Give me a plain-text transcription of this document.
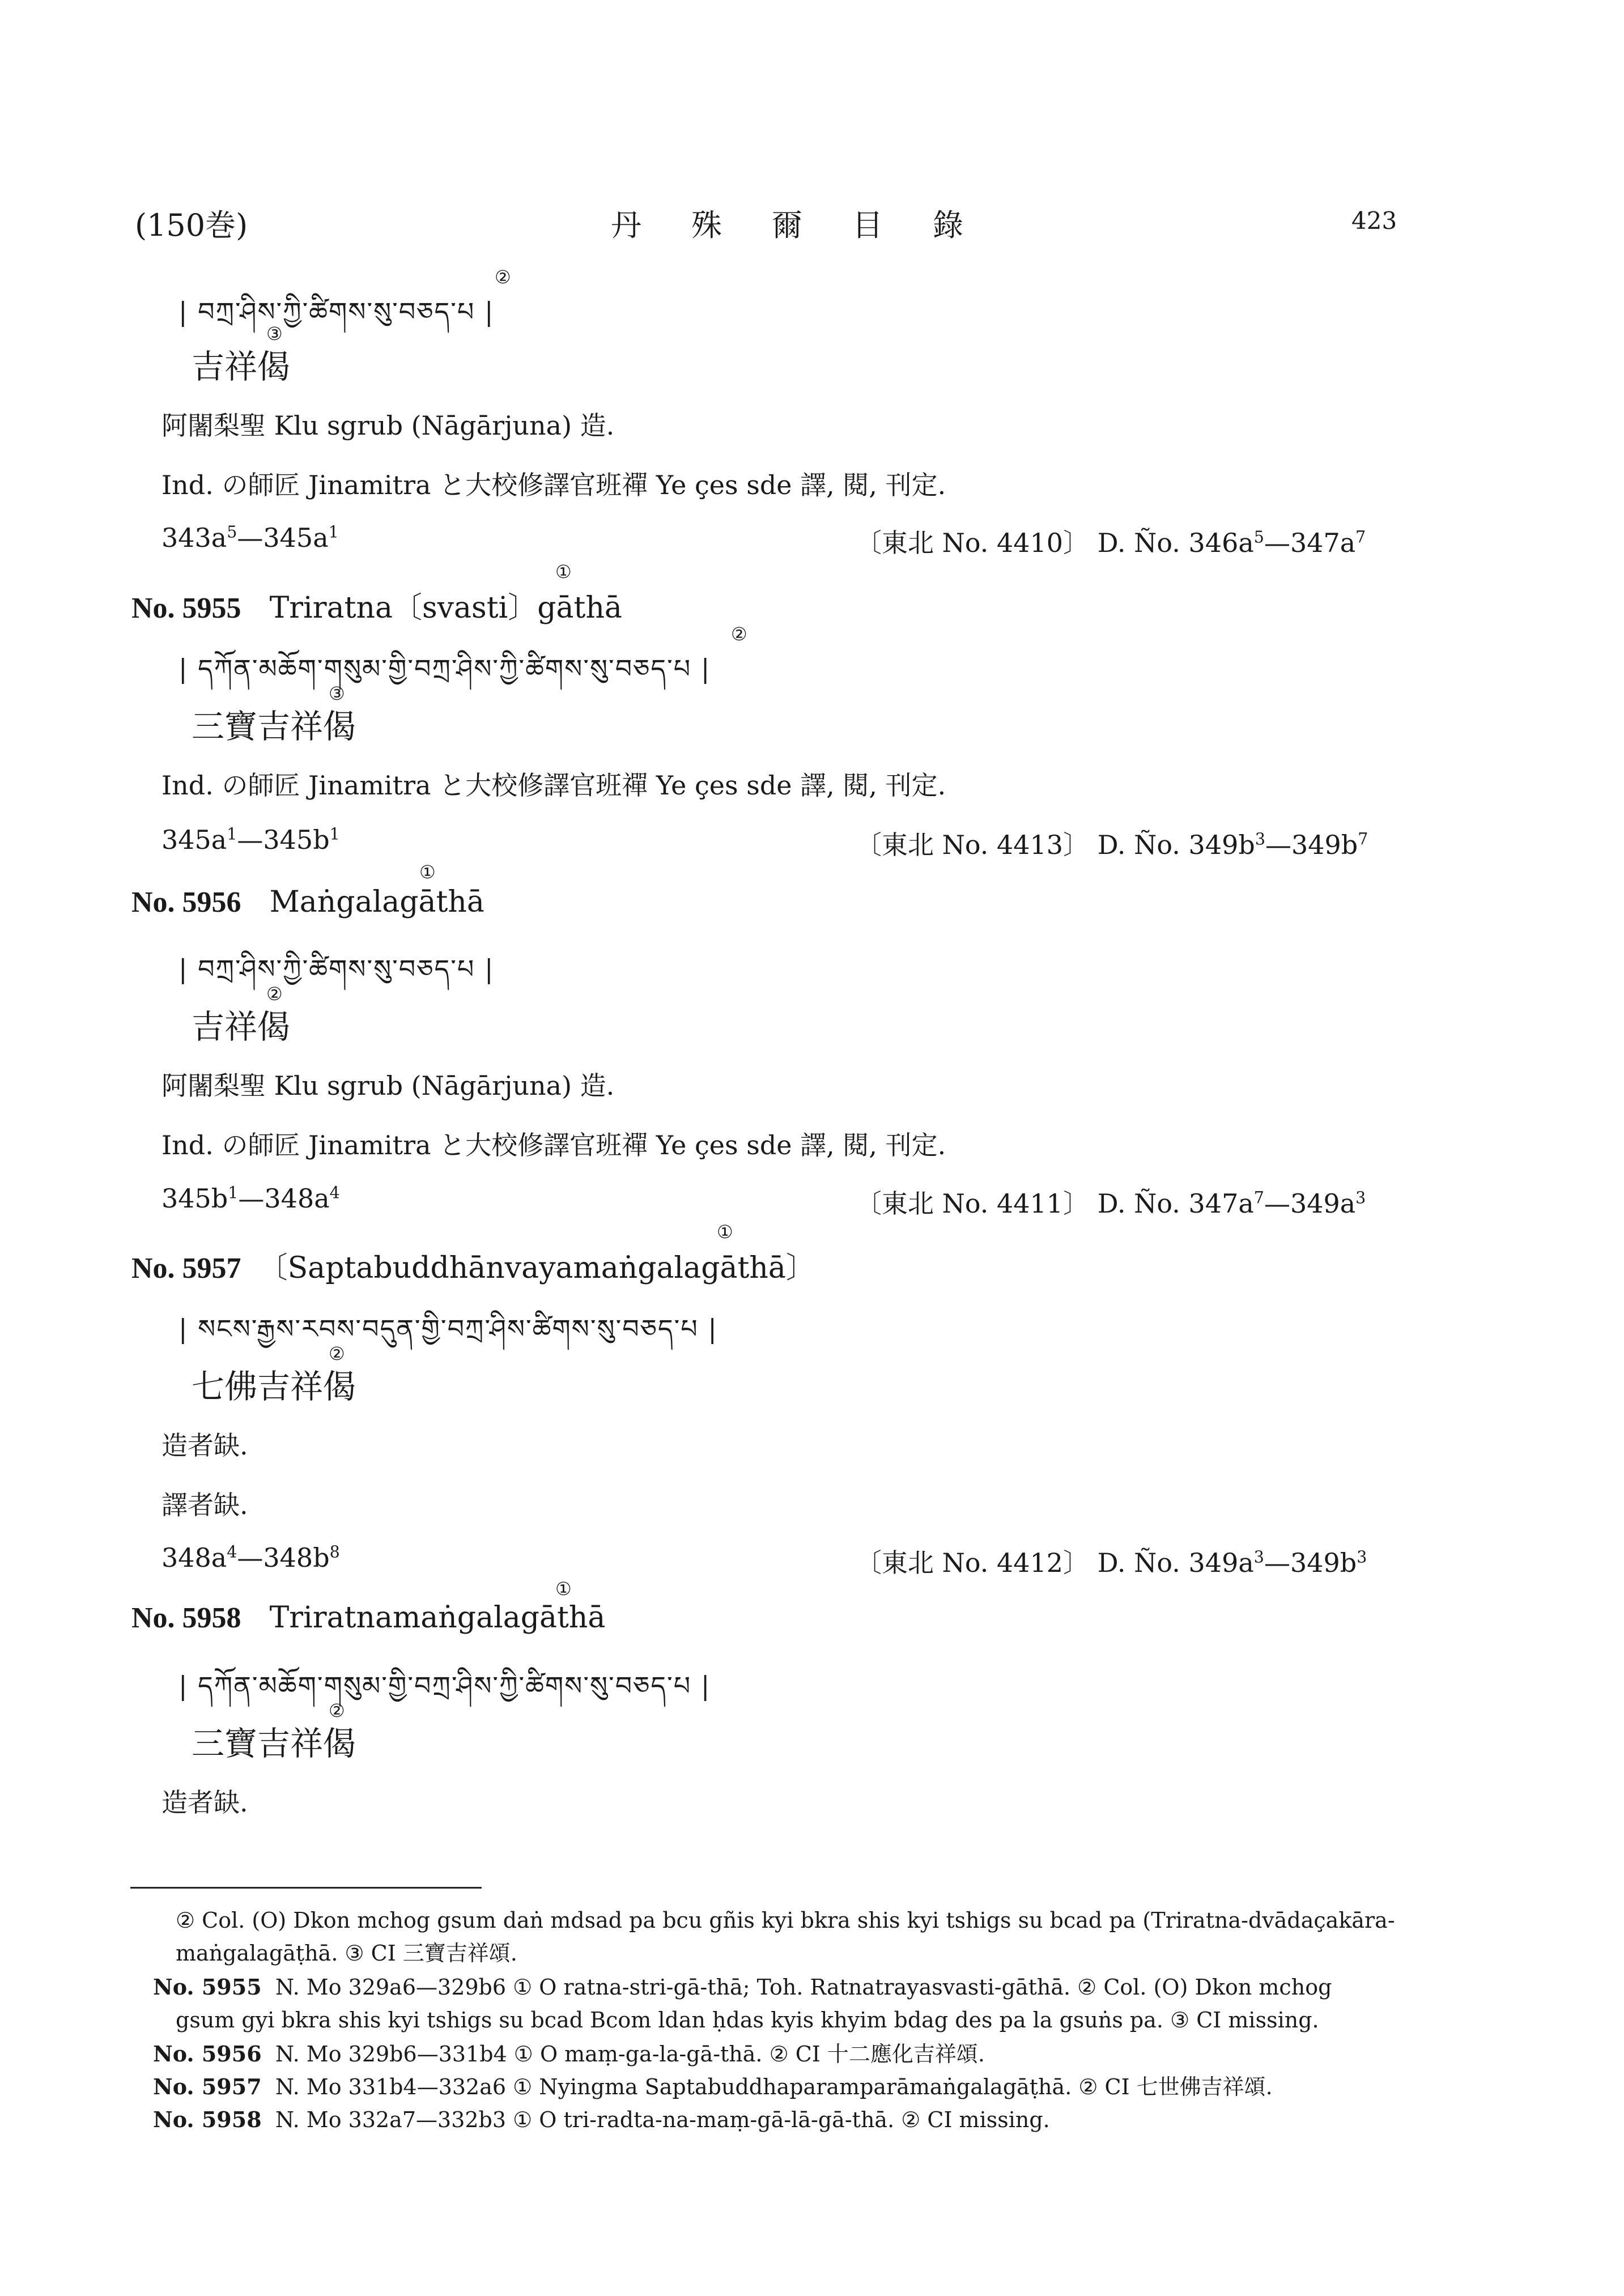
(150巻)	丹殊爾目錄	423
| བཀྲ་ཤིས་ཀྱི་ཚིགས་སུ་བཅད་པ |
②
吉祥偈
③
阿闍梨聖 Klu sgrub (Nāgārjuna) 造.
Ind. の師匠 Jinamitra と大校修譯官班禪 Ye çes sde 譯, 閱, 刊定.
$343a^5—345a^1$	〔東北 No. 4410〕 D. Ño. $346a^5—347a^7$
①
No. 5955 Triratna〔svasti〕gāthā
| དཀོན་མཆོག་གསུམ་གྱི་བཀྲ་ཤིས་ཀྱི་ཚིགས་སུ་བཅད་པ |
②
三寶吉祥偈
③
Ind. の師匠 Jinamitra と大校修譯官班禪 Ye çes sde 譯, 閱, 刊定.
$345a^1—345b^1$	〔東北 No. 4413〕 D. Ño. $349b^3—349b^7$
①
No. 5956 Maṅgalagāthā
| བཀྲ་ཤིས་ཀྱི་ཚིགས་སུ་བཅད་པ |
吉祥偈
②
阿闍梨聖 Klu sgrub (Nāgārjuna) 造.
Ind. の師匠 Jinamitra と大校修譯官班禪 Ye çes sde 譯, 閱, 刊定.
$345b^1—348a^4$	〔東北 No. 4411〕 D. Ño. $347a^7—349a^3$
①
No. 5957 〔Saptabuddhānvayamaṅgalagāthā〕
| སངས་རྒྱས་རབས་བདུན་གྱི་བཀྲ་ཤིས་ཚིགས་སུ་བཅད་པ |
七佛吉祥偈
②
造者缺.
譯者缺.
$348a^4—348b^8$	〔東北 No. 4412〕 D. Ño. $349a^3—349b^3$
①
No. 5958 Triratnamaṅgalagāthā
| དཀོན་མཆོག་གསུམ་གྱི་བཀྲ་ཤིས་ཀྱི་ཚིགས་སུ་བཅད་པ |
三寶吉祥偈
②
造者缺.
② Col. (O) Dkon mchog gsum daṅ mdsad pa bcu gñis kyi bkra shis kyi tshigs su bcad pa (Triratna-dvādaçakāra-
maṅgalagāṭhā. ③ CI 三寶吉祥頌.
No. 5955 N. Mo 329a6—329b6 ① O ratna-stri-gā-thā; Toh. Ratnatrayasvasti-gāthā. ② Col. (O) Dkon mchog
gsum gyi bkra shis kyi tshigs su bcad Bcom ldan ḥdas kyis khyim bdag des pa la gsuṅs pa. ③ CI missing.
No. 5956 N. Mo 329b6—331b4 ① O maṃ-ga-la-gā-thā. ② CI 十二應化吉祥頌.
No. 5957 N. Mo 331b4—332a6 ① Nyingma Saptabuddhaparamparāmaṅgalagāṭhā. ② CI 七世佛吉祥頌.
No. 5958 N. Mo 332a7—332b3 ① O tri-radta-na-maṃ-gā-lā-gā-thā. ② CI missing.
